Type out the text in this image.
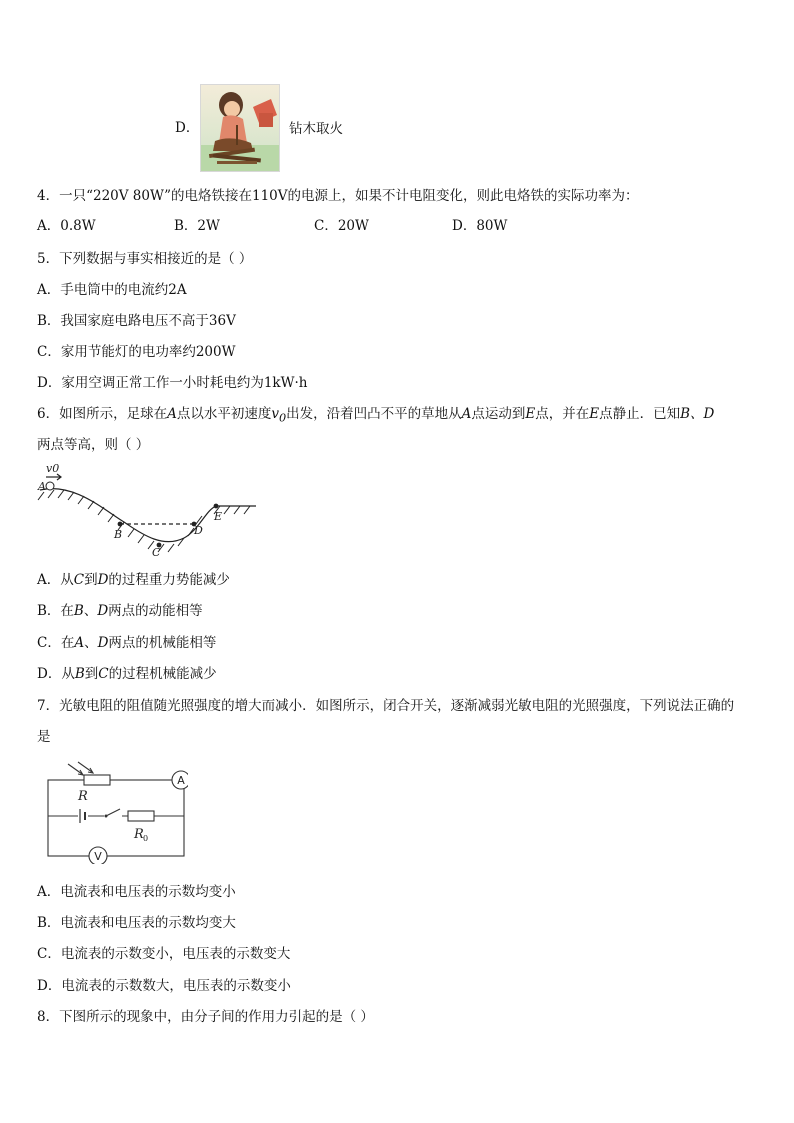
D．	钻木取火
4．一只“220V 80W”的电烙铁接在110V的电源上，如果不计电阻变化，则此电烙铁的实际功率为：
A．0.8W	B．2W	C．20W	D．80W
5．下列数据与事实相接近的是（ ）
A．手电筒中的电流约2A
B．我国家庭电路电压不高于36V
C．家用节能灯的电功率约200W
D．家用空调正常工作一小时耗电约为1kW·h
6．如图所示，足球在A点以水平初速度$v_0$出发，沿着凹凸不平的草地从A点运动到E点，并在E点静止．已知B、D
两点等高，则（ ）
v0
A
B
C
D
E
A．从C到D的过程重力势能减少
B．在B、D两点的动能相等
C．在A、D两点的机械能相等
D．从B到C的过程机械能减少
7．光敏电阻的阻值随光照强度的增大而减小．如图所示，闭合开关，逐渐减弱光敏电阻的光照强度，下列说法正确的
是
A
V
R
R 0
A．电流表和电压表的示数均变小
B．电流表和电压表的示数均变大
C．电流表的示数变小，电压表的示数变大
D．电流表的示数数大，电压表的示数变小
8．下图所示的现象中，由分子间的作用力引起的是（ ）
